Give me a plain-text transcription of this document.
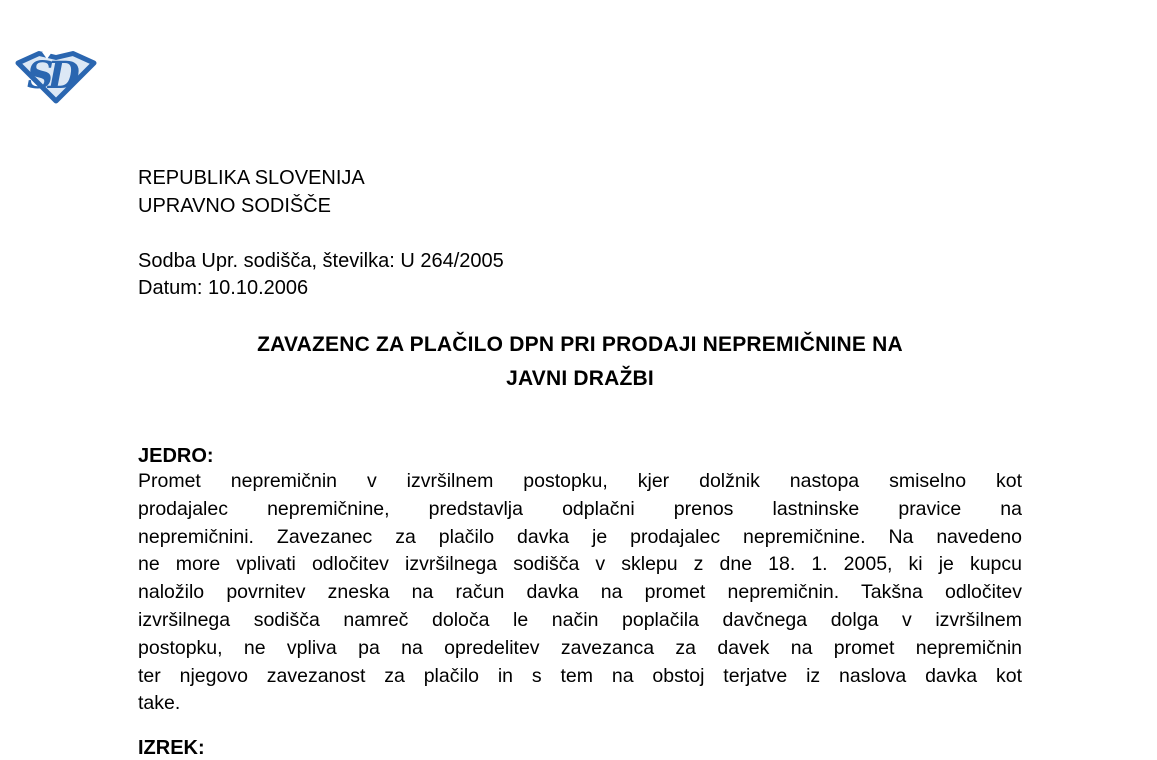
SD
REPUBLIKA SLOVENIJA
UPRAVNO SODIŠČE
Sodba Upr. sodišča, številka: U 264/2005
Datum: 10.10.2006
ZAVAZENC ZA PLAČILO DPN PRI PRODAJI NEPREMIČNINE NA
JAVNI DRAŽBI
JEDRO:
Promet nepremičnin v izvršilnem postopku, kjer dolžnik nastopa smiselno kot
prodajalec nepremičnine, predstavlja odplačni prenos lastninske pravice na
nepremičnini. Zavezanec za plačilo davka je prodajalec nepremičnine. Na navedeno
ne more vplivati odločitev izvršilnega sodišča v sklepu z dne 18. 1. 2005, ki je kupcu
naložilo povrnitev zneska na račun davka na promet nepremičnin. Takšna odločitev
izvršilnega sodišča namreč določa le način poplačila davčnega dolga v izvršilnem
postopku, ne vpliva pa na opredelitev zavezanca za davek na promet nepremičnin
ter njegovo zavezanost za plačilo in s tem na obstoj terjatve iz naslova davka kot
take.
IZREK:
